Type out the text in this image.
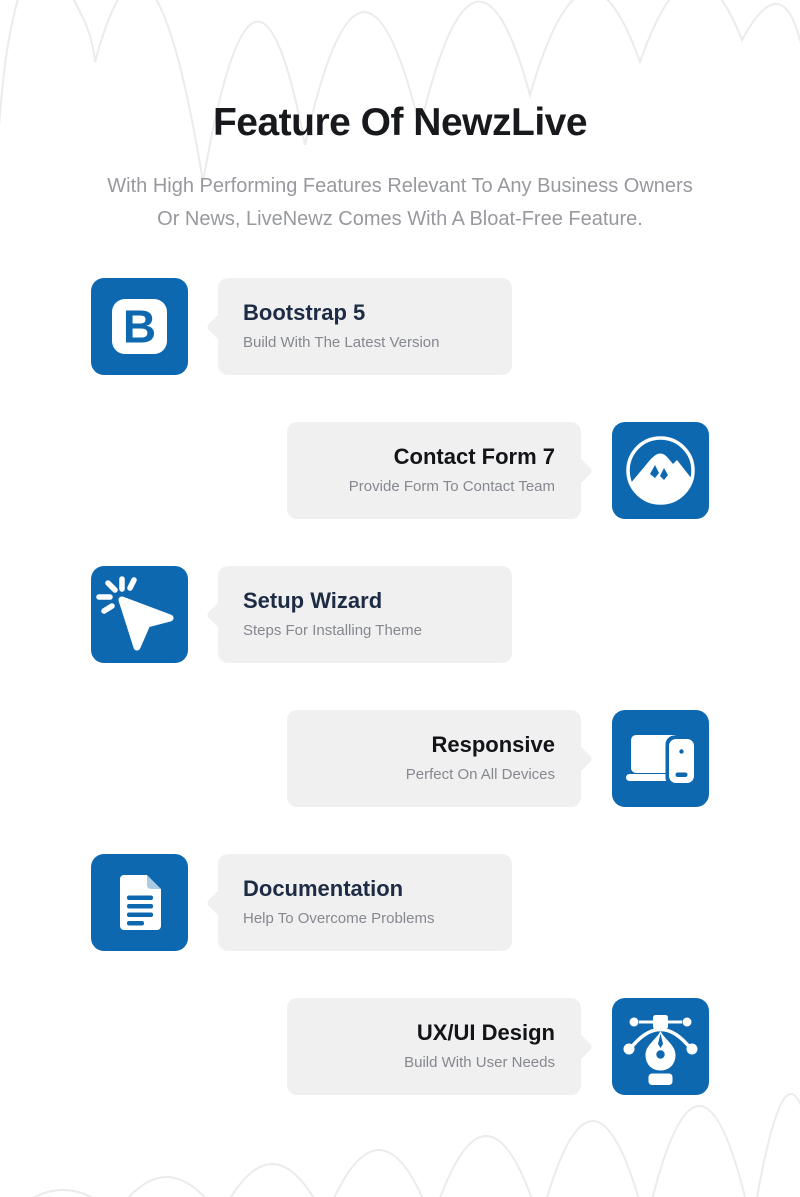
Feature Of NewzLive

With High Performing Features Relevant To Any Business Owners Or News, LiveNewz Comes With A Bloat-Free Feature.

B	Bootstrap 5
Build With The Latest Version
Contact Form 7
Provide Form To Contact Team
Setup Wizard
Steps For Installing Theme
Responsive
Perfect On All Devices
Documentation
Help To Overcome Problems
UX/UI Design
Build With User Needs
